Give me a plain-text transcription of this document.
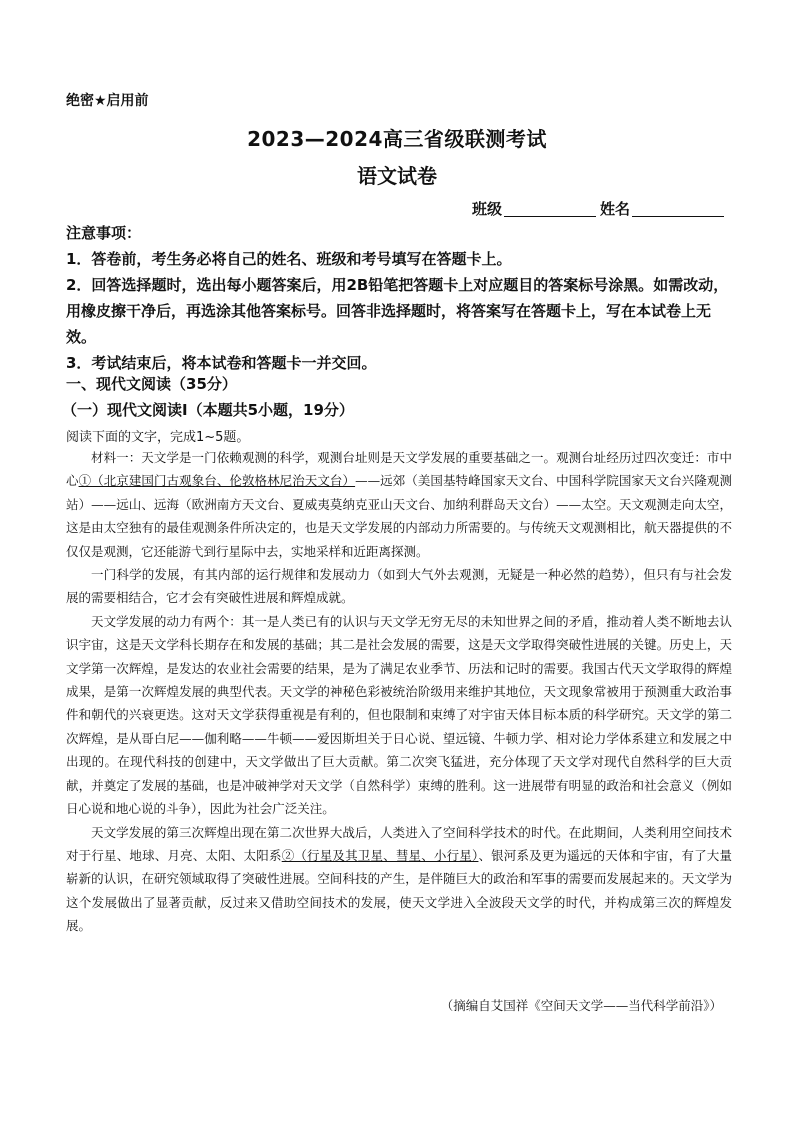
绝密★启用前
2023—2024高三省级联测考试
语文试卷
班级	姓名

注意事项：

1．答卷前，考生务必将自己的姓名、班级和考号填写在答题卡上。

2．回答选择题时，选出每小题答案后，用2B铅笔把答题卡上对应题目的答案标号涂黑。如需改动，用橡皮擦干净后，再选涂其他答案标号。回答非选择题时，将答案写在答题卡上，写在本试卷上无效。

3．考试结束后，将本试卷和答题卡一并交回。

一、现代文阅读（35分）
（一）现代文阅读Ⅰ（本题共5小题，19分）
阅读下面的文字，完成1~5题。

材料一：天文学是一门依赖观测的科学，观测台址则是天文学发展的重要基础之一。观测台址经历过四次变迁：市中心①（北京建国门古观象台、伦敦格林尼治天文台）——远郊（美国基特峰国家天文台、中国科学院国家天文台兴隆观测站）——远山、远海（欧洲南方天文台、夏威夷莫纳克亚山天文台、加纳利群岛天文台）——太空。天文观测走向太空，这是由太空独有的最佳观测条件所决定的，也是天文学发展的内部动力所需要的。与传统天文观测相比，航天器提供的不仅仅是观测，它还能游弋到行星际中去，实地采样和近距离探测。

一门科学的发展，有其内部的运行规律和发展动力（如到大气外去观测，无疑是一种必然的趋势），但只有与社会发展的需要相结合，它才会有突破性进展和辉煌成就。

天文学发展的动力有两个：其一是人类已有的认识与天文学无穷无尽的未知世界之间的矛盾，推动着人类不断地去认识宇宙，这是天文学科长期存在和发展的基础；其二是社会发展的需要，这是天文学取得突破性进展的关键。历史上，天文学第一次辉煌，是发达的农业社会需要的结果，是为了满足农业季节、历法和记时的需要。我国古代天文学取得的辉煌成果，是第一次辉煌发展的典型代表。天文学的神秘色彩被统治阶级用来维护其地位，天文现象常被用于预测重大政治事件和朝代的兴衰更迭。这对天文学获得重视是有利的，但也限制和束缚了对宇宙天体目标本质的科学研究。天文学的第二次辉煌，是从哥白尼——伽利略——牛顿——爱因斯坦关于日心说、望远镜、牛顿力学、相对论力学体系建立和发展之中出现的。在现代科技的创建中，天文学做出了巨大贡献。第二次突飞猛进，充分体现了天文学对现代自然科学的巨大贡献，并奠定了发展的基础，也是冲破神学对天文学（自然科学）束缚的胜利。这一进展带有明显的政治和社会意义（例如日心说和地心说的斗争），因此为社会广泛关注。

天文学发展的第三次辉煌出现在第二次世界大战后，人类进入了空间科学技术的时代。在此期间，人类利用空间技术对于行星、地球、月亮、太阳、太阳系②（行星及其卫星、彗星、小行星）、银河系及更为遥远的天体和宇宙，有了大量崭新的认识，在研究领域取得了突破性进展。空间科技的产生，是伴随巨大的政治和军事的需要而发展起来的。天文学为这个发展做出了显著贡献，反过来又借助空间技术的发展，使天文学进入全波段天文学的时代，并构成第三次的辉煌发展。

（摘编自艾国祥《空间天文学——当代科学前沿》）
